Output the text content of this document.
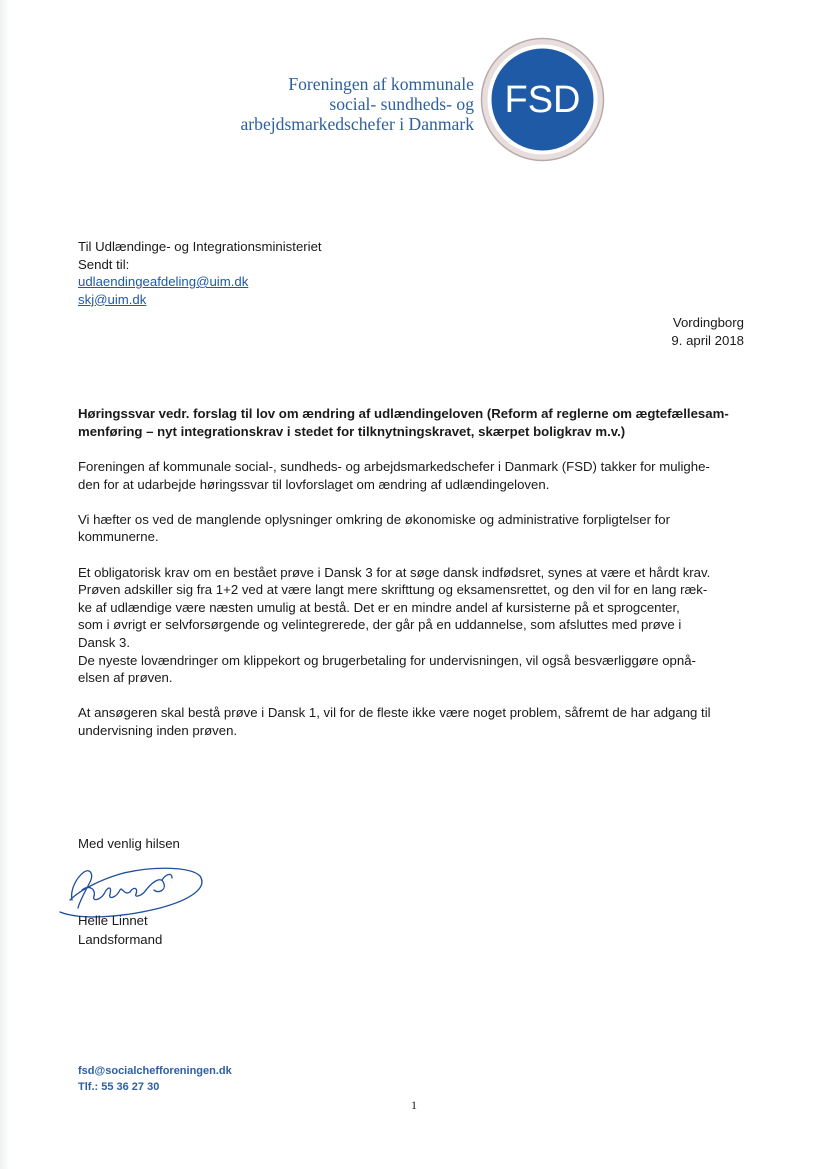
Foreningen af kommunale
social- sundheds- og
arbejdsmarkedschefer i Danmark
FSD
Til Udlændinge- og Integrationsministeriet
Sendt til:
udlaendingeafdeling@uim.dk
skj@uim.dk
Vordingborg
9. april 2018

Høringssvar vedr. forslag til lov om ændring af udlændingeloven (Reform af reglerne om ægtefællesam-
menføring – nyt integrationskrav i stedet for tilknytningskravet, skærpet boligkrav m.v.)

Foreningen af kommunale social-, sundheds- og arbejdsmarkedschefer i Danmark (FSD) takker for mulighe-
den for at udarbejde høringssvar til lovforslaget om ændring af udlændingeloven.

Vi hæfter os ved de manglende oplysninger omkring de økonomiske og administrative forpligtelser for
kommunerne.

Et obligatorisk krav om en bestået prøve i Dansk 3 for at søge dansk indfødsret, synes at være et hårdt krav.
Prøven adskiller sig fra 1+2 ved at være langt mere skrifttung og eksamensrettet, og den vil for en lang ræk-
ke af udlændige være næsten umulig at bestå. Det er en mindre andel af kursisterne på et sprogcenter,
som i øvrigt er selvforsørgende og velintegrerede, der går på en uddannelse, som afsluttes med prøve i
Dansk 3.

De nyeste lovændringer om klippekort og brugerbetaling for undervisningen, vil også besværliggøre opnå-
elsen af prøven.

At ansøgeren skal bestå prøve i Dansk 1, vil for de fleste ikke være noget problem, såfremt de har adgang til
undervisning inden prøven.

Med venlig hilsen
Helle Linnet
Landsformand
fsd@socialchefforeningen.dk
Tlf.: 55 36 27 30
1
